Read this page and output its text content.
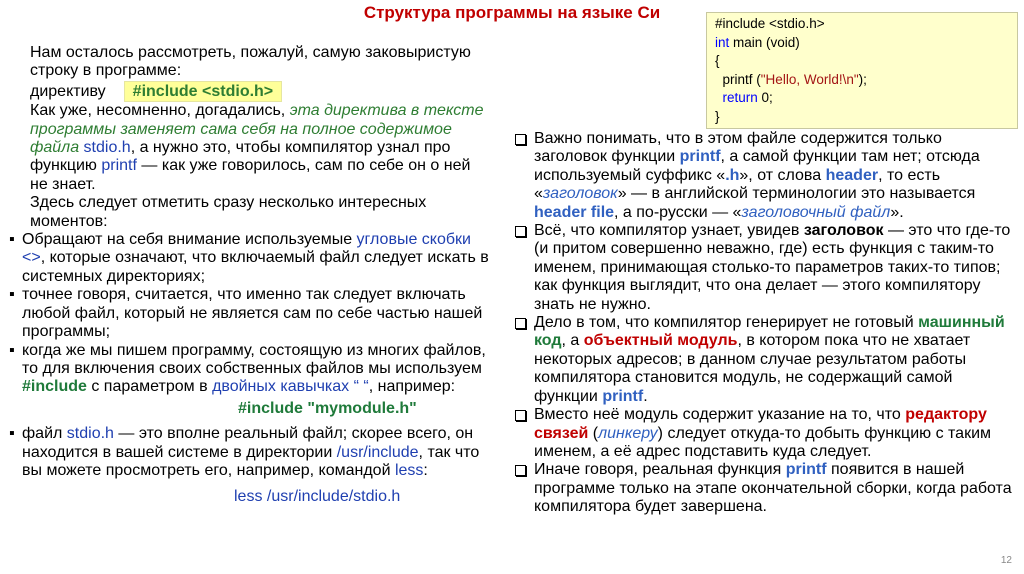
Структура программы на языке Си
#include <stdio.h>
int main (void)
{
printf ("Hello, World!\n");
return 0;
}

Нам осталось рассмотреть, пожалуй, самую заковыристую строку в программе:

директиву #include <stdio.h>

Как уже, несомненно, догадались, эта директива в тексте программы заменяет сама себя на полное содержимое файла stdio.h, а нужно это, чтобы компилятор узнал про функцию printf — как уже говорилось, сам по себе он о ней не знает.

Здесь следует отметить сразу несколько интересных моментов:

▪ Обращают на себя внимание используемые угловые скобки <>, которые означают, что включаемый файл следует искать в системных директориях;

▪ точнее говоря, считается, что именно так следует включать любой файл, который не является сам по себе частью нашей программы;

▪ когда же мы пишем программу, состоящую из многих файлов, то для включения своих собственных файлов мы используем #include с параметром в двойных кавычках “ “, например:

#include "mymodule.h"

▪ файл stdio.h — это вполне реальный файл; скорее всего, он находится в вашей системе в директории /usr/include, так что вы можете просмотреть его, например, командой less:

less /usr/include/stdio.h

Важно понимать, что в этом файле содержится только заголовок функции printf, а самой функции там нет; отсюда используемый суффикс «.h», от слова header, то есть «заголовок» — в английской терминологии это называется header file, а по-русски — «заголовочный файл».

Всё, что компилятор узнает, увидев заголовок — это что где-то (и притом совершенно неважно, где) есть функция с таким-то именем, принимающая столько-то параметров таких-то типов; как функция выглядит, что она делает — этого компилятору знать не нужно.

Дело в том, что компилятор генерирует не готовый машинный код, а объектный модуль, в котором пока что не хватает некоторых адресов; в данном случае результатом работы компилятора становится модуль, не содержащий самой функции printf.

Вместо неё модуль содержит указание на то, что редактору связей (линкеру) следует откуда-то добыть функцию с таким именем, а её адрес подставить куда следует.

Иначе говоря, реальная функция printf появится в нашей программе только на этапе окончательной сборки, когда работа компилятора будет завершена.

12
